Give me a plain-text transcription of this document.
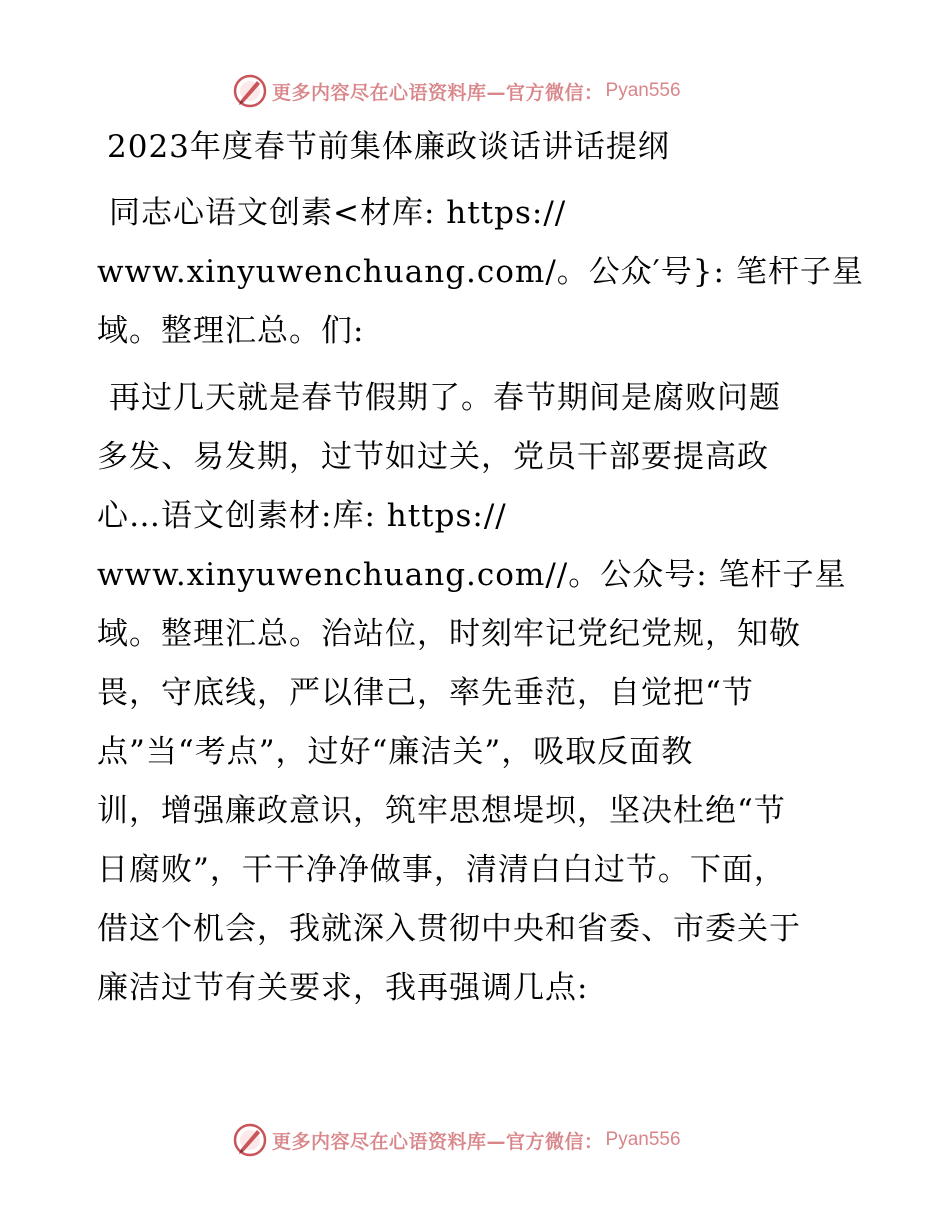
更多内容尽在心语资料库—官方微信： Pyan556
2023年度春节前集体廉政谈话讲话提纲

同志心语文创素<材库: https://
www.xinyuwenchuang.com/。公众′号}: 笔杆子星
域。整理汇总。们:

再过几天就是春节假期了。春节期间是腐败问题
多发、易发期，过节如过关，党员干部要提高政
心…语文创素材:库: https://
www.xinyuwenchuang.com//。公众号: 笔杆子星
域。整理汇总。治站位，时刻牢记党纪党规，知敬
畏，守底线，严以律己，率先垂范，自觉把“节
点”当“考点”，过好“廉洁关”，吸取反面教
训，增强廉政意识，筑牢思想堤坝，坚决杜绝“节
日腐败”，干干净净做事，清清白白过节。下面，
借这个机会，我就深入贯彻中央和省委、市委关于
廉洁过节有关要求，我再强调几点:

更多内容尽在心语资料库—官方微信： Pyan556
